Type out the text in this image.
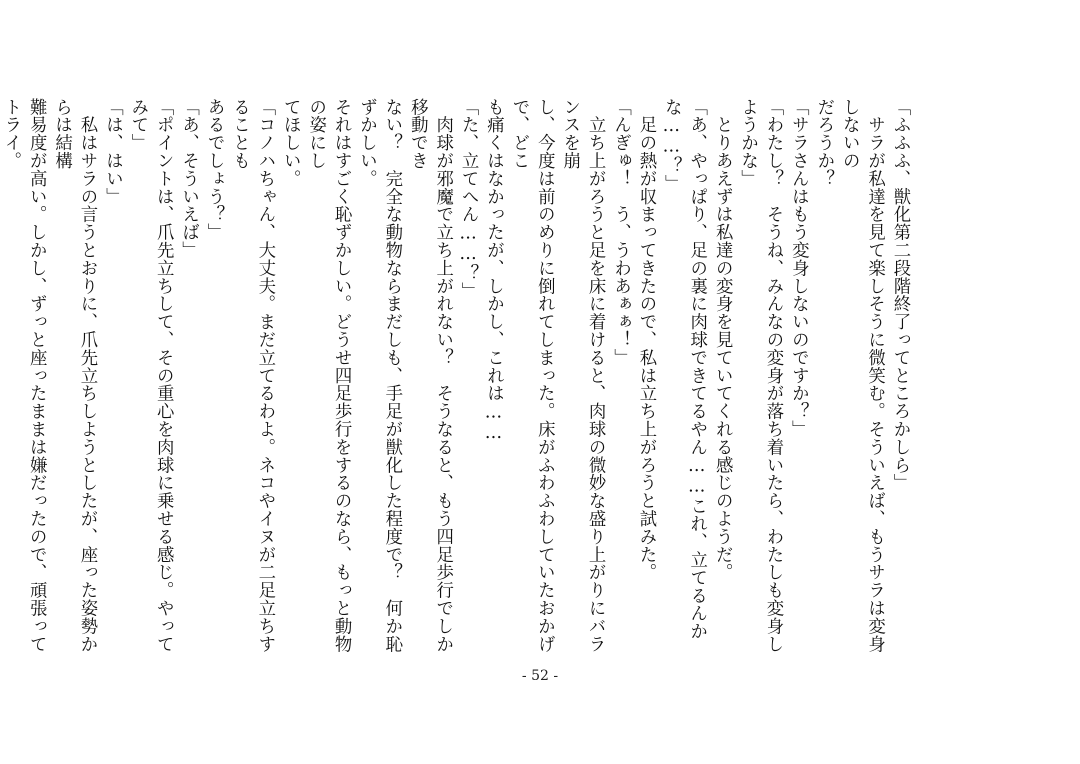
「ふふふ、獣化第二段階終了ってところかしら」

　サラが私達を見て楽しそうに微笑む。そういえば、もうサラは変身しないの

だろうか？

「サラさんはもう変身しないのですか？」

「わたし？　そうね、みんなの変身が落ち着いたら、わたしも変身しようかな」

　とりあえずは私達の変身を見ていてくれる感じのようだ。

「あ、やっぱり、足の裏に肉球できてるやん……これ、立てるんかな……？」

　足の熱が収まってきたので、私は立ち上がろうと試みた。

「んぎゅ！　う、うわあぁぁ！」

　立ち上がろうと足を床に着けると、肉球の微妙な盛り上がりにバランスを崩

し、今度は前のめりに倒れてしまった。床がふわふわしていたおかげで、どこ

も痛くはなかったが、しかし、これは……

「た、立てへん……？」

　肉球が邪魔で立ち上がれない？　そうなると、もう四足歩行でしか移動でき

ない？　完全な動物ならまだしも、手足が獣化した程度で？　何か恥ずかしい。

それはすごく恥ずかしい。どうせ四足歩行をするのなら、もっと動物の姿にし

てほしい。

「コノハちゃん、大丈夫。まだ立てるわよ。ネコやイヌが二足立ちすることも

あるでしょう？」

「あ、そういえば」

「ポイントは、爪先立ちして、その重心を肉球に乗せる感じ。やってみて」

「は、はい」

　私はサラの言うとおりに、爪先立ちしようとしたが、座った姿勢からは結構

難易度が高い。しかし、ずっと座ったままは嫌だったので、頑張ってトライ。

- 52 -
